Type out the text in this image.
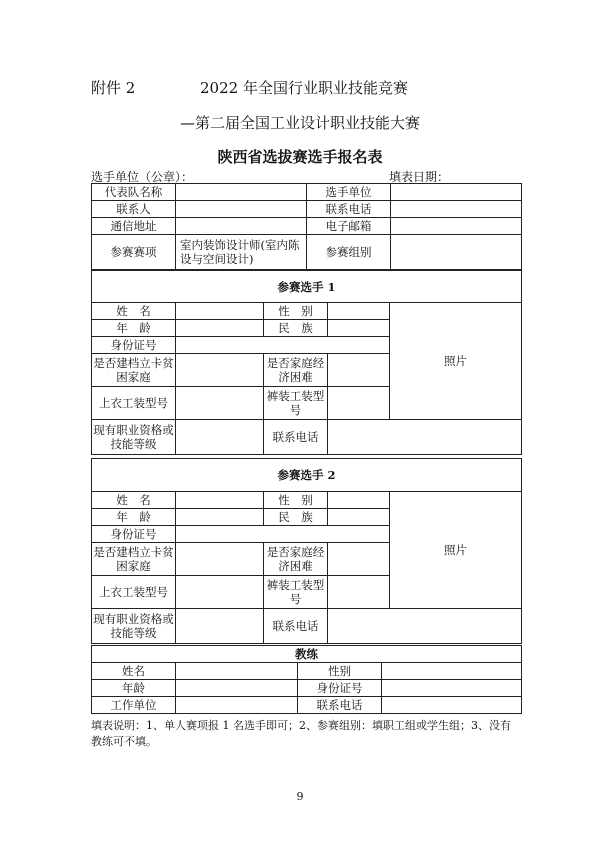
附件 2	2022 年全国行业职业技能竞赛
—第二届全国工业设计职业技能大赛
陕西省选拔赛选手报名表
选手单位（公章）：	填表日期：
代表队名称		选手单位	
联系人		联系电话	
通信地址		电子邮箱	
参赛赛项	室内装饰设计师(室内陈设与空间设计)	参赛组别	
参赛选手 1				
姓　名		性　别		照片
年　龄		民　族		
身份证号				
是否建档立卡贫困家庭		是否家庭经济困难		
上衣工装型号		裤装工装型号		
现有职业资格或技能等级		联系电话		
参赛选手 2				
姓　名		性　别		照片
年　龄		民　族		
身份证号				
是否建档立卡贫困家庭		是否家庭经济困难		
上衣工装型号		裤装工装型号		
现有职业资格或技能等级		联系电话		
教练			
姓名		性别	
年龄		身份证号	
工作单位		联系电话	
填表说明：1、单人赛项报 1 名选手即可；2、参赛组别：填职工组或学生组；3、没有教练可不填。
9
